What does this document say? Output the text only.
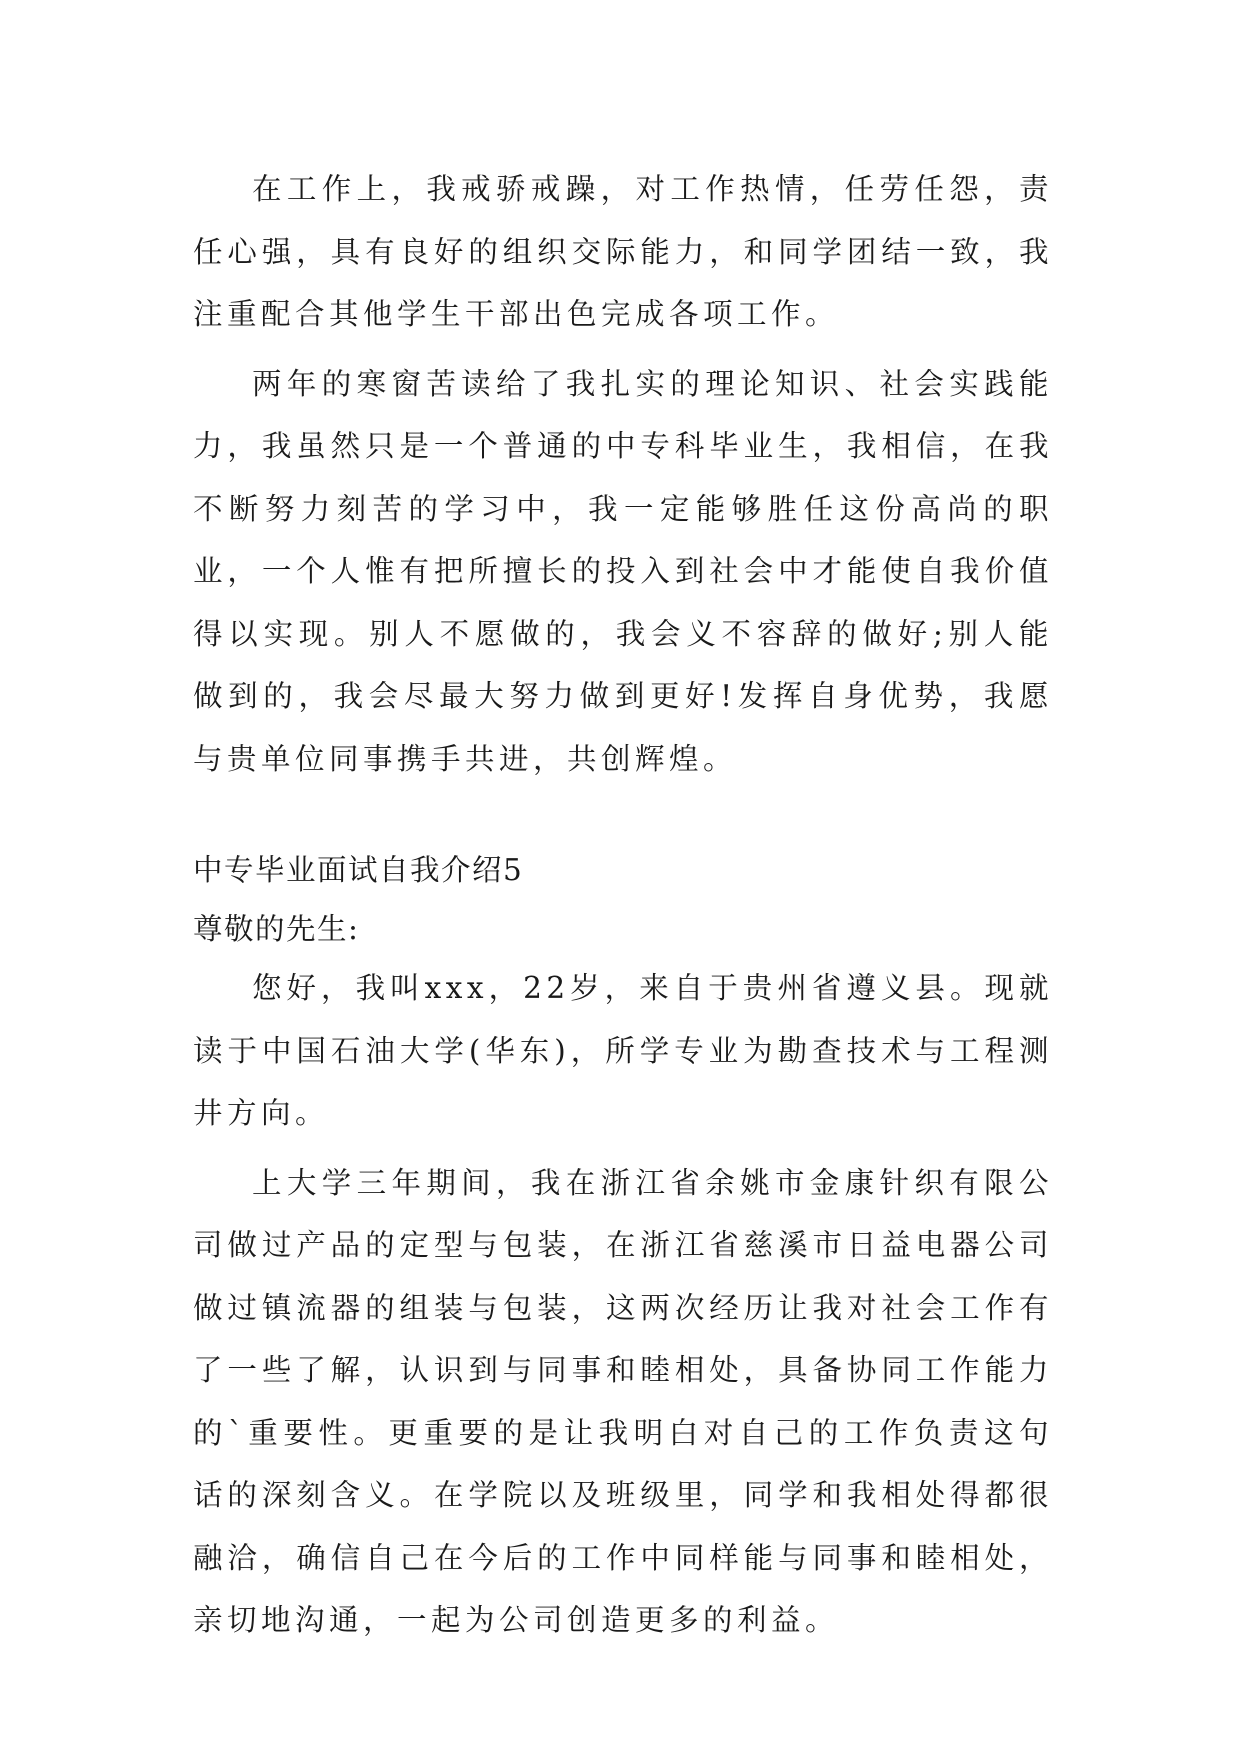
在工作上，我戒骄戒躁，对工作热情，任劳任怨，责任心强，具有良好的组织交际能力，和同学团结一致，我注重配合其他学生干部出色完成各项工作。

两年的寒窗苦读给了我扎实的理论知识、社会实践能力，我虽然只是一个普通的中专科毕业生，我相信，在我不断努力刻苦的学习中，我一定能够胜任这份高尚的职业，一个人惟有把所擅长的投入到社会中才能使自我价值得以实现。别人不愿做的，我会义不容辞的做好;别人能做到的，我会尽最大努力做到更好!发挥自身优势，我愿与贵单位同事携手共进，共创辉煌。

中专毕业面试自我介绍5

尊敬的先生:

您好，我叫xxx，22岁，来自于贵州省遵义县。现就读于中国石油大学(华东)，所学专业为勘查技术与工程测井方向。

上大学三年期间，我在浙江省余姚市金康针织有限公司做过产品的定型与包装，在浙江省慈溪市日益电器公司做过镇流器的组装与包装，这两次经历让我对社会工作有了一些了解，认识到与同事和睦相处，具备协同工作能力的`重要性。更重要的是让我明白对自己的工作负责这句话的深刻含义。在学院以及班级里，同学和我相处得都很融洽，确信自己在今后的工作中同样能与同事和睦相处，亲切地沟通，一起为公司创造更多的利益。
